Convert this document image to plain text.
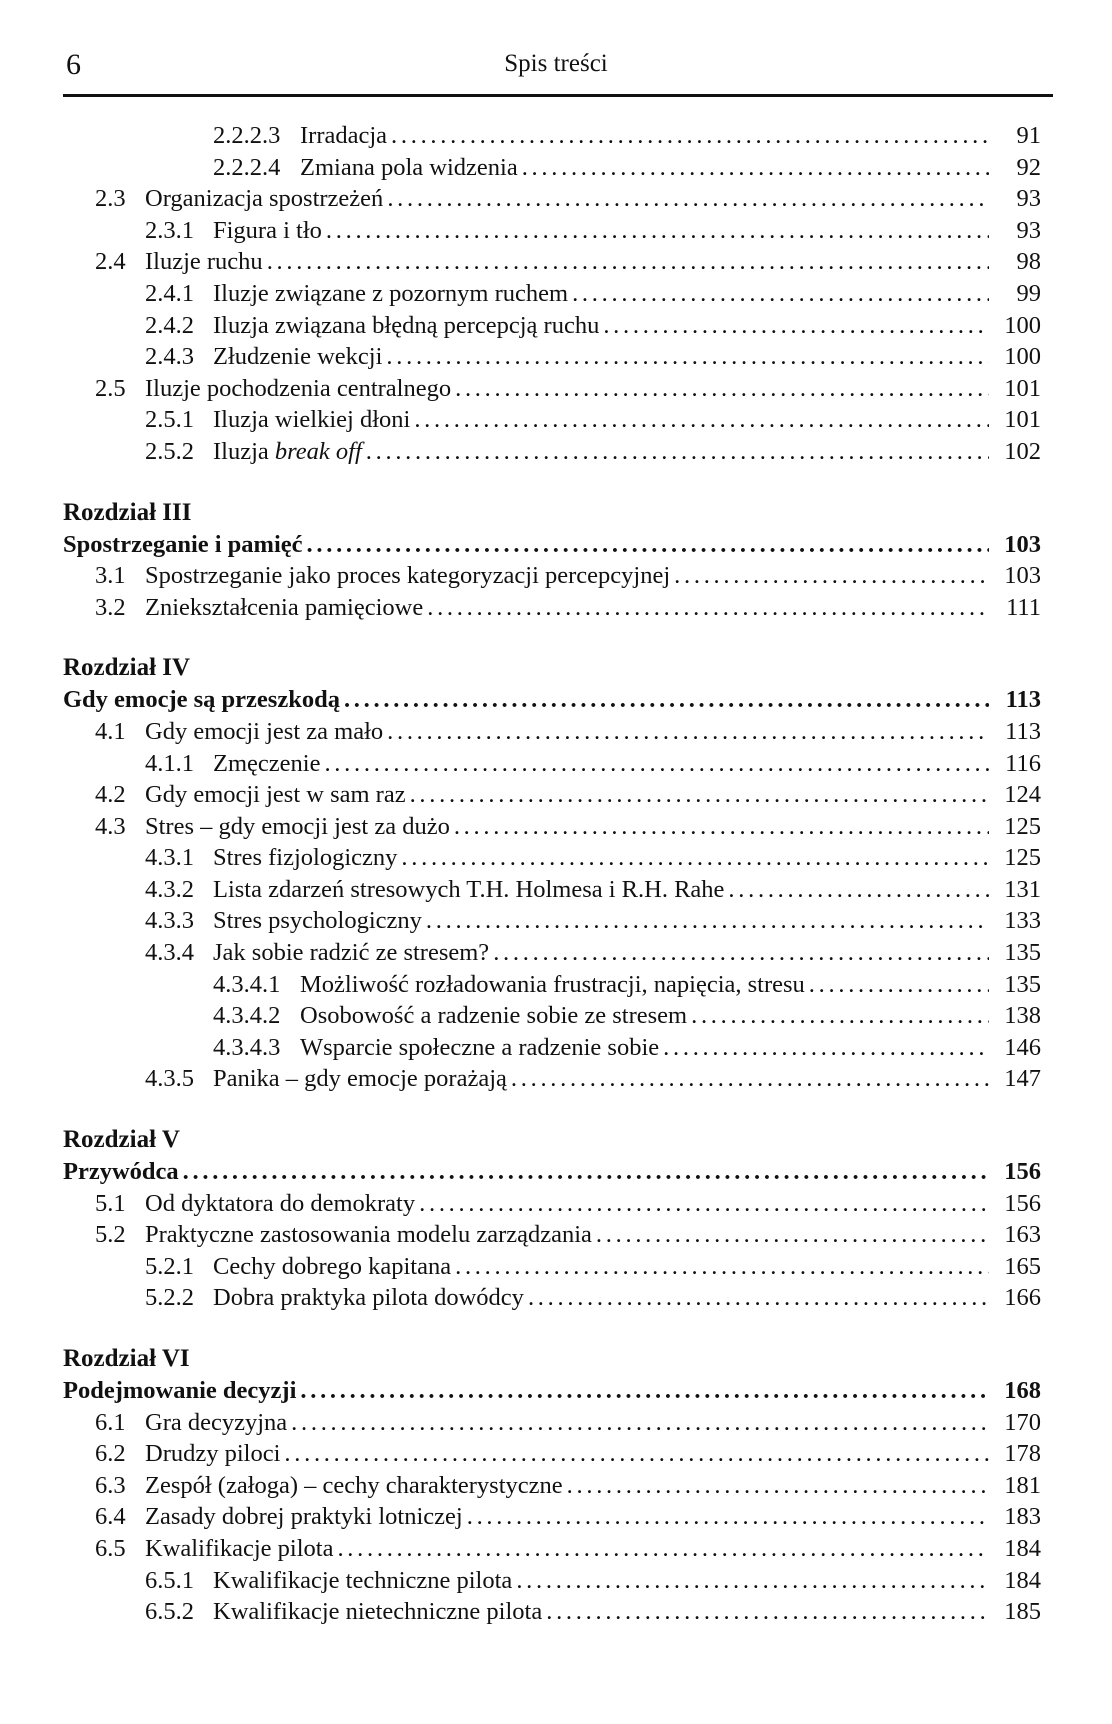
6	Spis treści
2.2.2.3 Irradacja . . .	91
2.2.2.4 Zmiana pola widzenia . . .	92
2.3 Organizacja spostrzeżeń . . .	93
2.3.1 Figura i tło . . .	93
2.4 Iluzje ruchu . . .	98
2.4.1 Iluzje związane z pozornym ruchem . . .	99
2.4.2 Iluzja związana błędną percepcją ruchu . . .	100
2.4.3 Złudzenie wekcji . . .	100
2.5 Iluzje pochodzenia centralnego . . .	101
2.5.1 Iluzja wielkiej dłoni . . .	101
2.5.2 Iluzja break off . . .	102
Rozdział III
Spostrzeganie i pamięć . . .	103
3.1 Spostrzeganie jako proces kategoryzacji percepcyjnej . . .	103
3.2 Zniekształcenia pamięciowe . . .	111
Rozdział IV
Gdy emocje są przeszkodą . . .	113
4.1 Gdy emocji jest za mało . . .	113
4.1.1 Zmęczenie . . .	116
4.2 Gdy emocji jest w sam raz . . .	124
4.3 Stres – gdy emocji jest za dużo . . .	125
4.3.1 Stres fizjologiczny . . .	125
4.3.2 Lista zdarzeń stresowych T.H. Holmesa i R.H. Rahe . . .	131
4.3.3 Stres psychologiczny . . .	133
4.3.4 Jak sobie radzić ze stresem? . . .	135
4.3.4.1 Możliwość rozładowania frustracji, napięcia, stresu . . .	135
4.3.4.2 Osobowość a radzenie sobie ze stresem . . .	138
4.3.4.3 Wsparcie społeczne a radzenie sobie . . .	146
4.3.5 Panika – gdy emocje porażają . . .	147
Rozdział V
Przywódca . . .	156
5.1 Od dyktatora do demokraty . . .	156
5.2 Praktyczne zastosowania modelu zarządzania . . .	163
5.2.1 Cechy dobrego kapitana . . .	165
5.2.2 Dobra praktyka pilota dowódcy . . .	166
Rozdział VI
Podejmowanie decyzji . . .	168
6.1 Gra decyzyjna . . .	170
6.2 Drudzy piloci . . .	178
6.3 Zespół (załoga) – cechy charakterystyczne . . .	181
6.4 Zasady dobrej praktyki lotniczej . . .	183
6.5 Kwalifikacje pilota . . .	184
6.5.1 Kwalifikacje techniczne pilota . . .	184
6.5.2 Kwalifikacje nietechniczne pilota . . .	185
